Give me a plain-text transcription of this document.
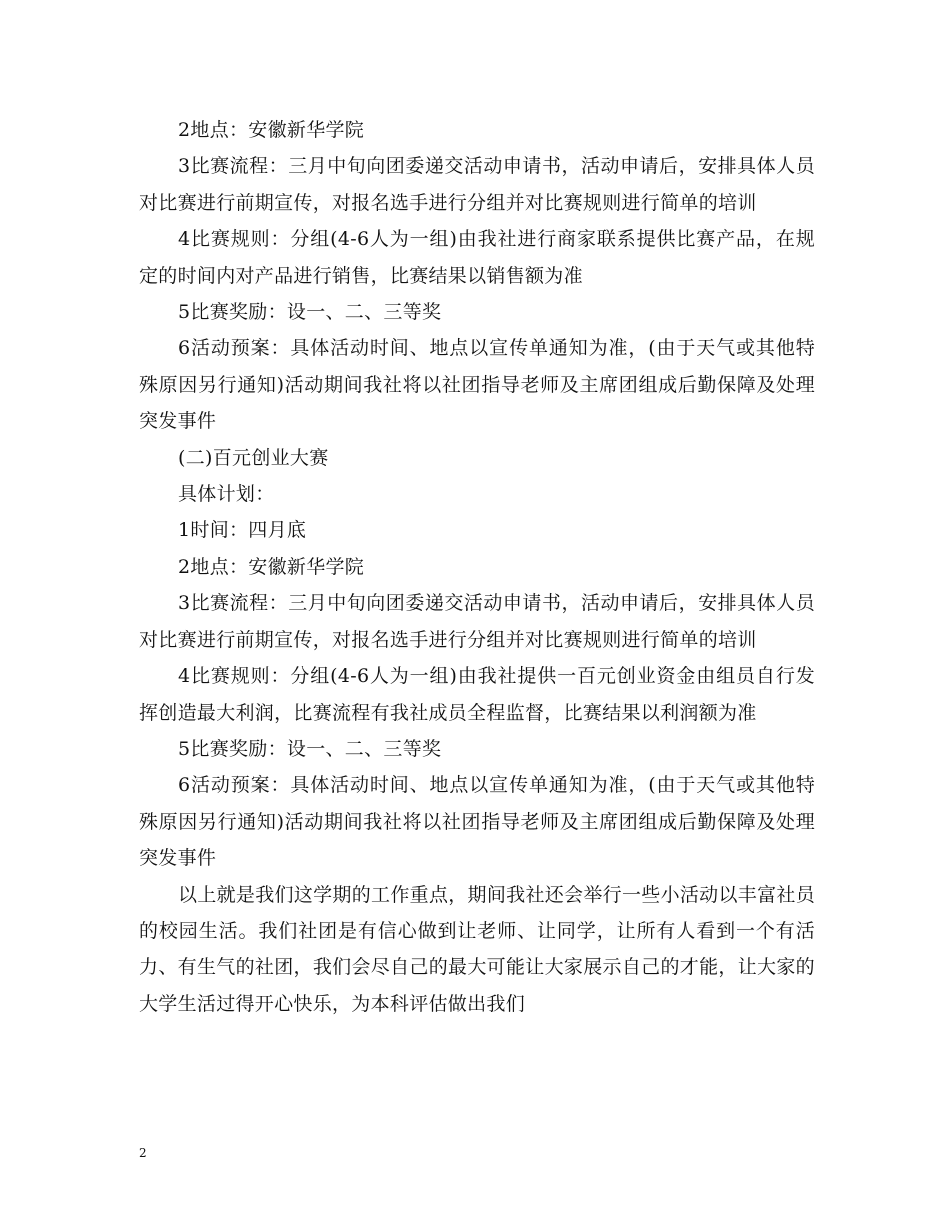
2地点：安徽新华学院

3比赛流程：三月中旬向团委递交活动申请书，活动申请后，安排具体人员对比赛进行前期宣传，对报名选手进行分组并对比赛规则进行简单的培训

4比赛规则：分组(4-6人为一组)由我社进行商家联系提供比赛产品，在规定的时间内对产品进行销售，比赛结果以销售额为准

5比赛奖励：设一、二、三等奖

6活动预案：具体活动时间、地点以宣传单通知为准，(由于天气或其他特殊原因另行通知)活动期间我社将以社团指导老师及主席团组成后勤保障及处理突发事件

(二)百元创业大赛

具体计划：

1时间：四月底

2地点：安徽新华学院

3比赛流程：三月中旬向团委递交活动申请书，活动申请后，安排具体人员对比赛进行前期宣传，对报名选手进行分组并对比赛规则进行简单的培训

4比赛规则：分组(4-6人为一组)由我社提供一百元创业资金由组员自行发挥创造最大利润，比赛流程有我社成员全程监督，比赛结果以利润额为准

5比赛奖励：设一、二、三等奖

6活动预案：具体活动时间、地点以宣传单通知为准，(由于天气或其他特殊原因另行通知)活动期间我社将以社团指导老师及主席团组成后勤保障及处理突发事件

以上就是我们这学期的工作重点，期间我社还会举行一些小活动以丰富社员的校园生活。我们社团是有信心做到让老师、让同学，让所有人看到一个有活力、有生气的社团，我们会尽自己的最大可能让大家展示自己的才能，让大家的大学生活过得开心快乐，为本科评估做出我们

2
